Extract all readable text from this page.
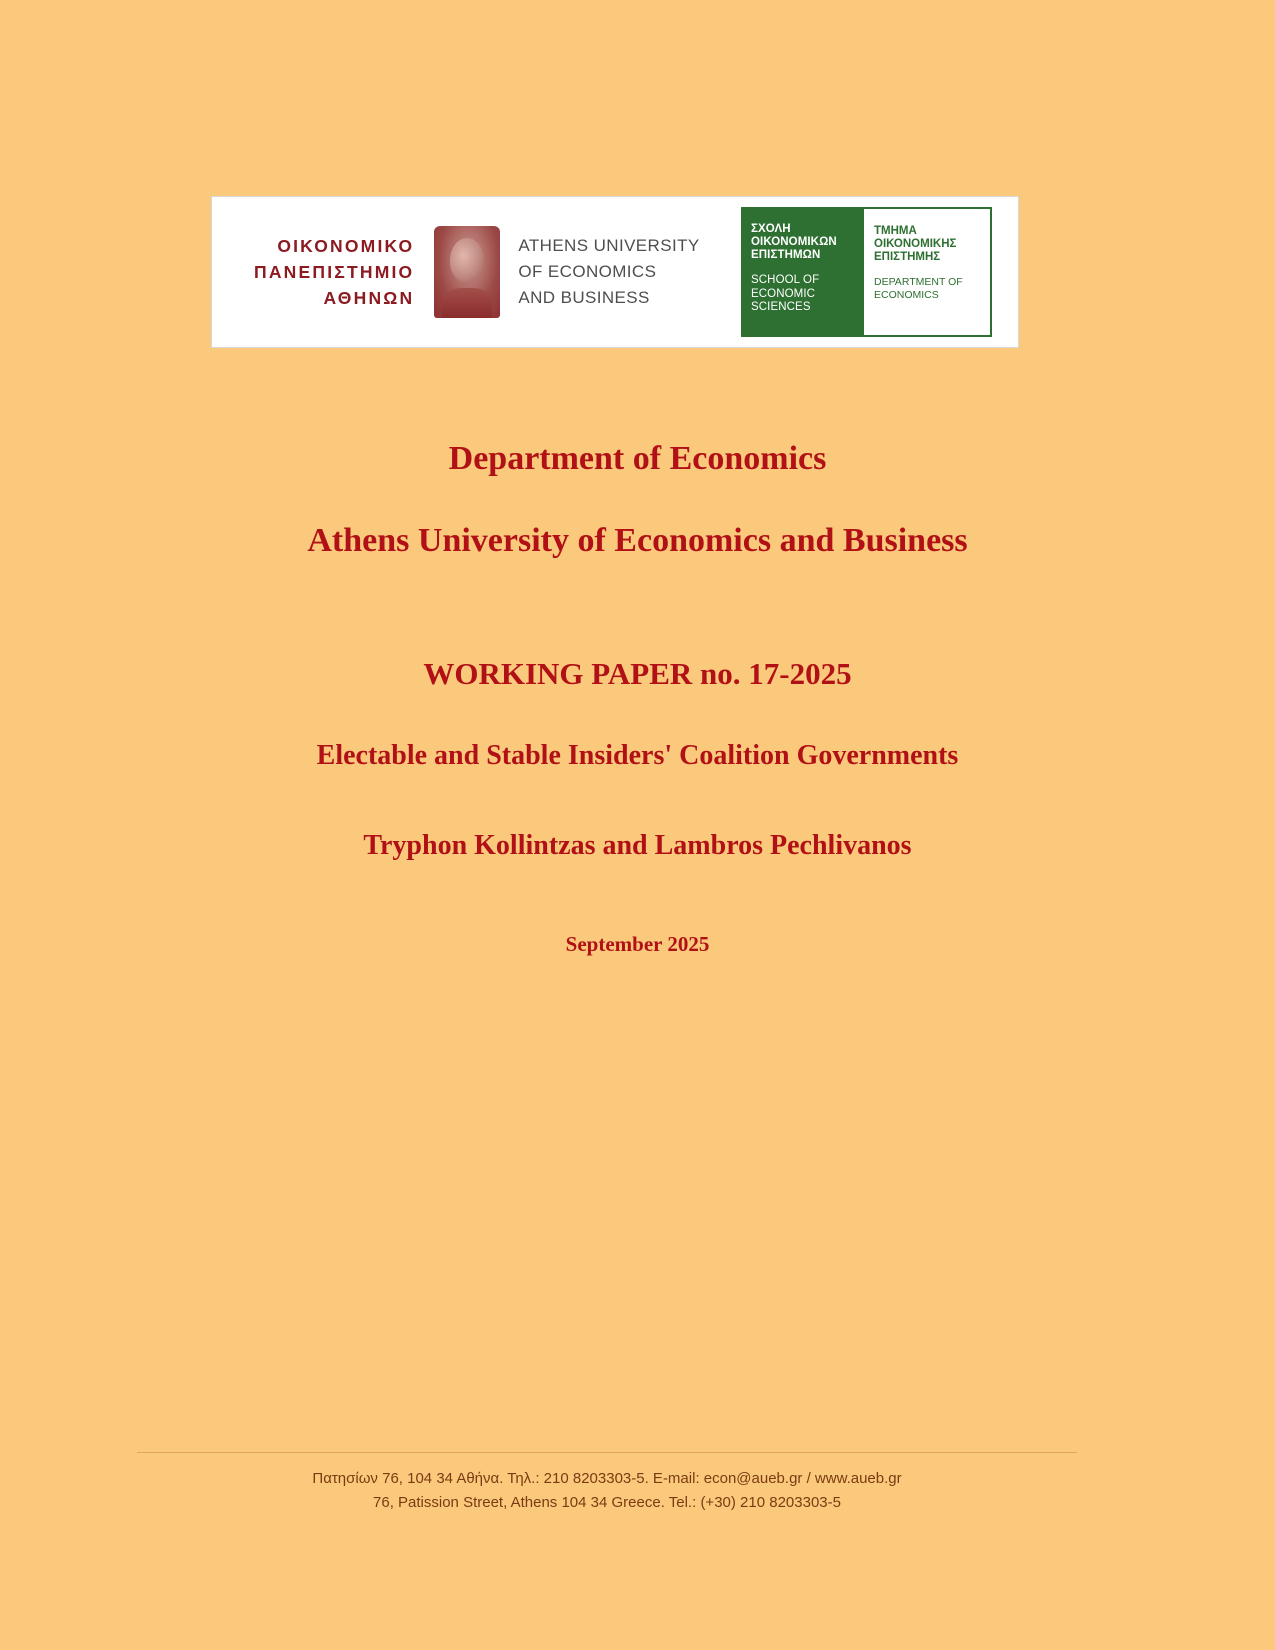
ΟΙΚΟΝΟΜΙΚΟ
ΠΑΝΕΠΙΣΤΗΜΙΟ
ΑΘΗΝΩΝ
ATHENS UNIVERSITY
OF ECONOMICS
AND BUSINESS
ΣΧΟΛΗ
ΟΙΚΟΝΟΜΙΚΩΝ
ΕΠΙΣΤΗΜΩΝ
SCHOOL OF
ECONOMIC
SCIENCES
ΤΜΗΜΑ
ΟΙΚΟΝΟΜΙΚΗΣ
ΕΠΙΣΤΗΜΗΣ
DEPARTMENT OF
ECONOMICS
Department of Economics
Athens University of Economics and Business
WORKING PAPER no. 17-2025
Electable and Stable Insiders' Coalition Governments
Tryphon Kollintzas and Lambros Pechlivanos
September 2025
Πατησίων 76, 104 34 Αθήνα. Τηλ.: 210 8203303-5. E-mail: econ@aueb.gr / www.aueb.gr
76, Patission Street, Athens 104 34 Greece. Tel.: (+30) 210 8203303-5
